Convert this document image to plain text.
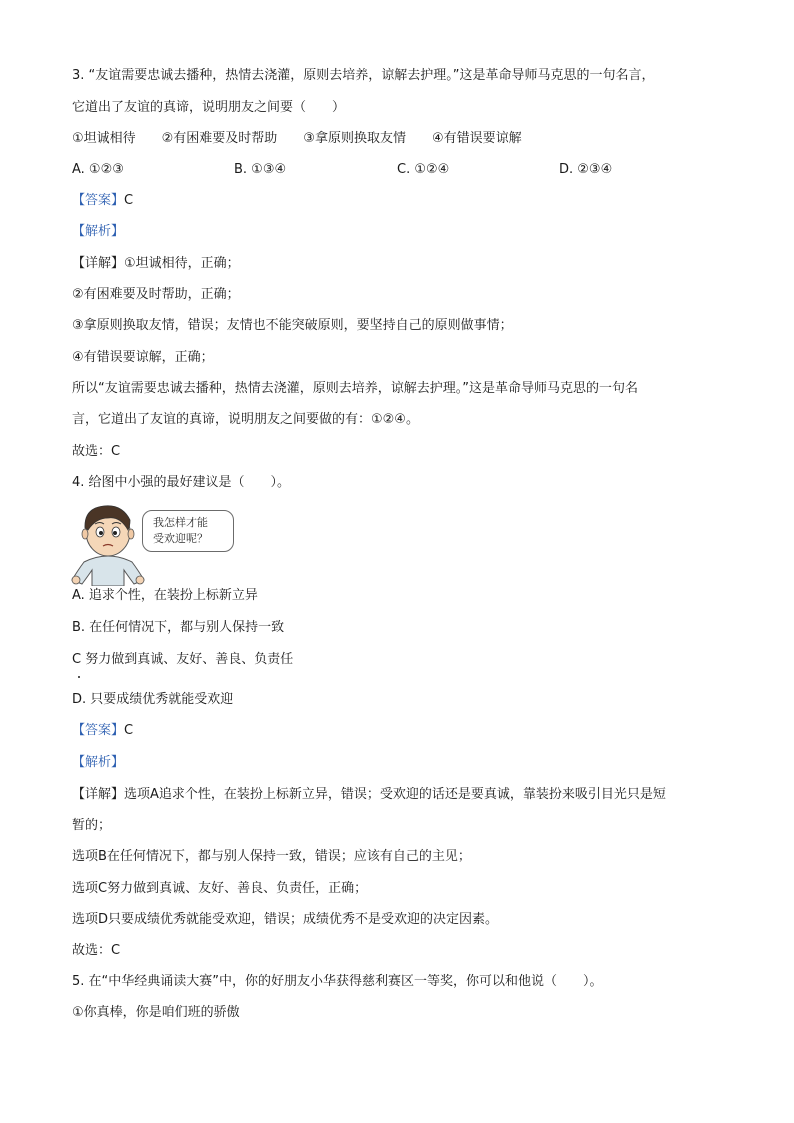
3. “友谊需要忠诚去播种，热情去浇灌，原则去培养，谅解去护理。”这是革命导师马克思的一句名言，
它道出了友谊的真谛，说明朋友之间要（　　）
①坦诚相待　　②有困难要及时帮助　　③拿原则换取友情　　④有错误要谅解
A. ①②③	B. ①③④	C. ①②④	D. ②③④
【答案】C
【解析】
【详解】①坦诚相待，正确；
②有困难要及时帮助，正确；
③拿原则换取友情，错误；友情也不能突破原则，要坚持自己的原则做事情；
④有错误要谅解，正确；
所以“友谊需要忠诚去播种，热情去浇灌，原则去培养，谅解去护理。”这是革命导师马克思的一句名
言，它道出了友谊的真谛，说明朋友之间要做的有：①②④。
故选：C
4. 给图中小强的最好建议是（　　）。
我怎样才能
受欢迎呢？
A. 追求个性，在装扮上标新立异
B. 在任何情况下，都与别人保持一致
C 努力做到真诚、友好、善良、负责任
D. 只要成绩优秀就能受欢迎
【答案】C
【解析】
【详解】选项A追求个性，在装扮上标新立异，错误；受欢迎的话还是要真诚，靠装扮来吸引目光只是短
暂的；
选项B在任何情况下，都与别人保持一致，错误；应该有自己的主见；
选项C努力做到真诚、友好、善良、负责任，正确；
选项D只要成绩优秀就能受欢迎，错误；成绩优秀不是受欢迎的决定因素。
故选：C
5. 在“中华经典诵读大赛”中，你的好朋友小华获得慈利赛区一等奖，你可以和他说（　　）。
①你真棒，你是咱们班的骄傲
